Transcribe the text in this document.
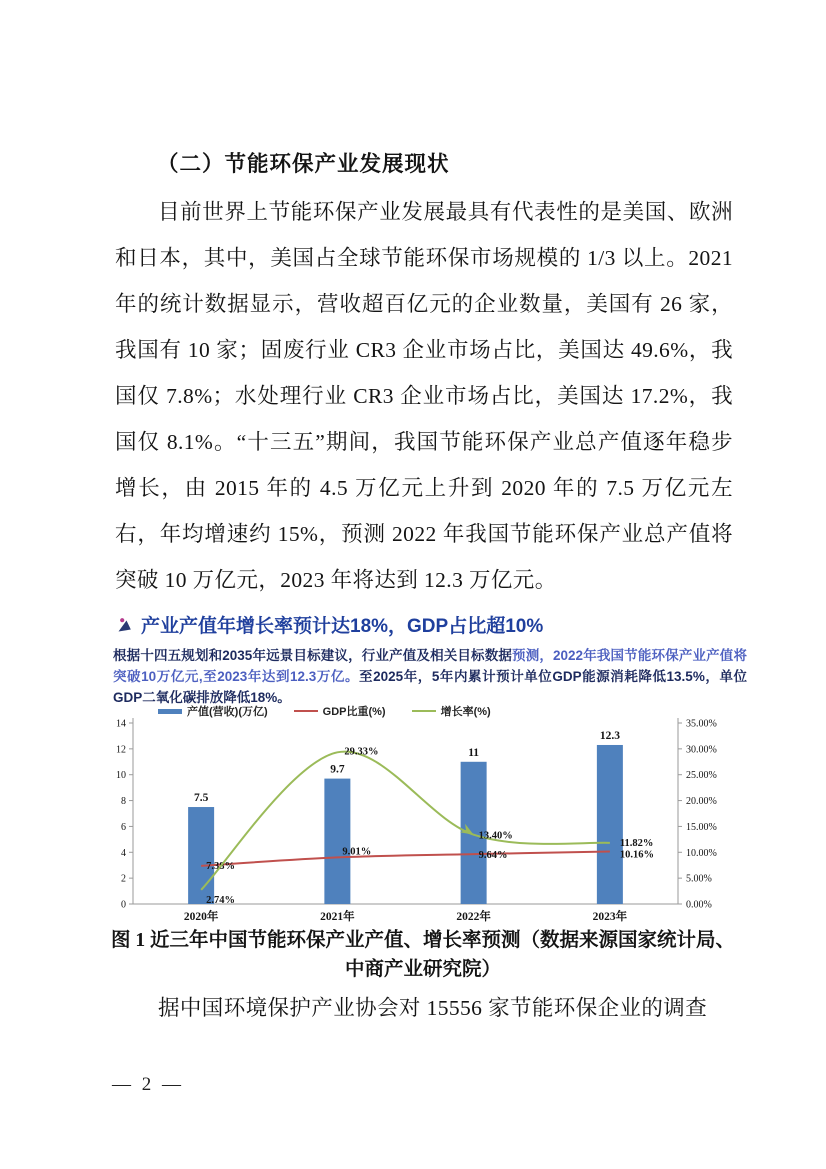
（二）节能环保产业发展现状
目前世界上节能环保产业发展最具有代表性的是美国、欧洲和日本，其中，美国占全球节能环保市场规模的 1/3 以上。2021 年的统计数据显示，营收超百亿元的企业数量，美国有 26 家，我国有 10 家；固废行业 CR3 企业市场占比，美国达 49.6%，我国仅 7.8%；水处理行业 CR3 企业市场占比，美国达 17.2%，我国仅 8.1%。“十三五”期间，我国节能环保产业总产值逐年稳步增长，由 2015 年的 4.5 万亿元上升到 2020 年的 7.5 万亿元左右，年均增速约 15%，预测 2022 年我国节能环保产业总产值将突破 10 万亿元，2023 年将达到 12.3 万亿元。
产业产值年增长率预计达18%，GDP占比超10%
根据十四五规划和2035年远景目标建议，行业产值及相关目标数据预测，2022年我国节能环保产业产值将突破10万亿元,至2023年达到12.3万亿。至2025年，5年内累计预计单位GDP能源消耗降低13.5%，单位GDP二氧化碳排放降低18%。
产值(营收)(万亿)	GDP比重(%)	增长率(%)
0
2
4
6
8
10
12
14
0.00%
5.00%
10.00%
15.00%
20.00%
25.00%
30.00%
35.00%
2020年	2021年	2022年	2023年
7.5
9.7
11
12.3
7.38%
9.01%	9.64%	10.16%
2.74%
29.33%
13.40%
11.82%
图 1 近三年中国节能环保产业产值、增长率预测（数据来源国家统计局、中商产业研究院）
据中国环境保护产业协会对 15556 家节能环保企业的调查
— 2 —
